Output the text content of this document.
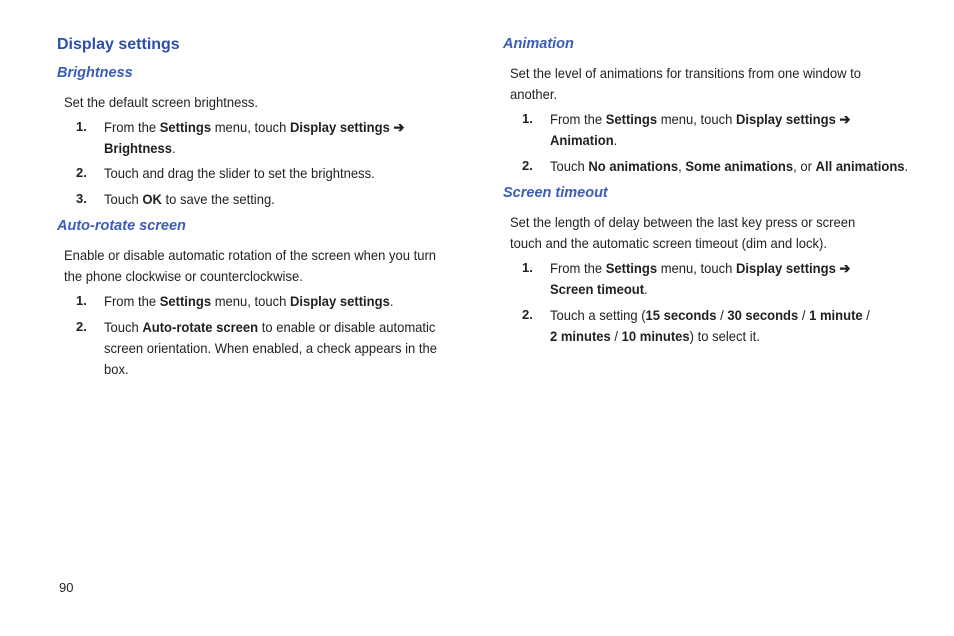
Display settings
Brightness
Set the default screen brightness.
1. From the Settings menu, touch Display settings ➔
Brightness.
2. Touch and drag the slider to set the brightness.
3. Touch OK to save the setting.
Auto-rotate screen
Enable or disable automatic rotation of the screen when you turn
the phone clockwise or counterclockwise.
1. From the Settings menu, touch Display settings.
2. Touch Auto-rotate screen to enable or disable automatic
screen orientation. When enabled, a check appears in the
box.
Animation
Set the level of animations for transitions from one window to
another.
1. From the Settings menu, touch Display settings ➔
Animation.
2. Touch No animations, Some animations, or All animations.
Screen timeout
Set the length of delay between the last key press or screen
touch and the automatic screen timeout (dim and lock).
1. From the Settings menu, touch Display settings ➔
Screen timeout.
2. Touch a setting (15 seconds / 30 seconds / 1 minute /
2 minutes / 10 minutes) to select it.
90
